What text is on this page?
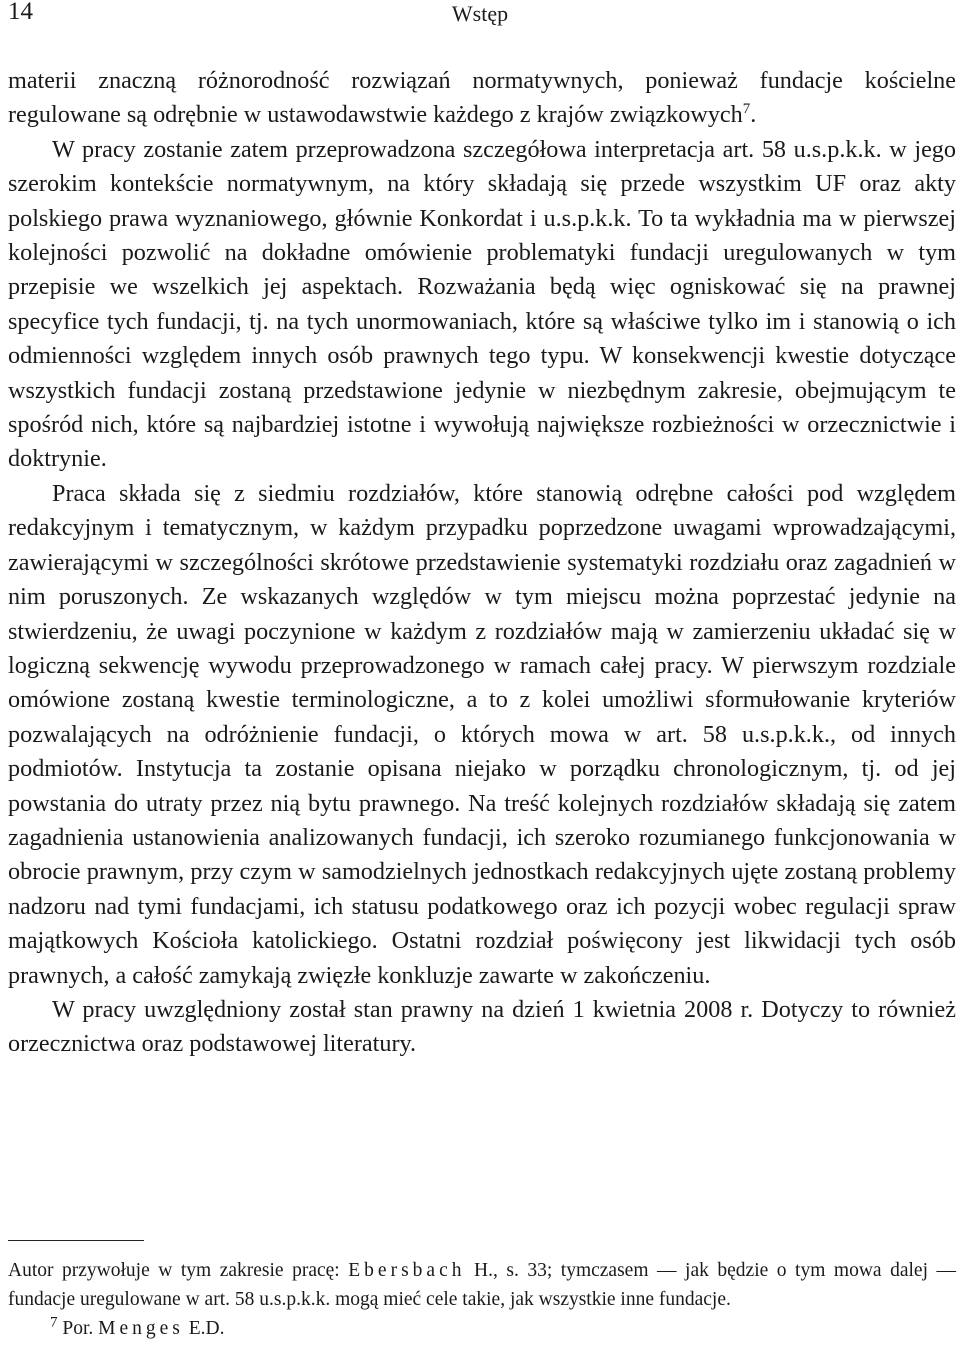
14	Wstęp

materii znaczną różnorodność rozwiązań normatywnych, ponieważ fundacje kościelne regulowane są odrębnie w ustawodawstwie każdego z krajów związkowych$^7$.

W pracy zostanie zatem przeprowadzona szczegółowa interpretacja art. 58 u.s.p.k.k. w jego szerokim kontekście normatywnym, na który składają się przede wszystkim UF oraz akty polskiego prawa wyznaniowego, głównie Konkordat i u.s.p.k.k. To ta wykładnia ma w pierwszej kolejności pozwolić na dokładne omówienie problematyki fundacji uregulowanych w tym przepisie we wszelkich jej aspektach. Rozważania będą więc ogniskować się na prawnej specyfice tych fundacji, tj. na tych unormowaniach, które są właściwe tylko im i stanowią o ich odmienności względem innych osób prawnych tego typu. W konsekwencji kwestie dotyczące wszystkich fundacji zostaną przedstawione jedynie w niezbędnym zakresie, obejmującym te spośród nich, które są najbardziej istotne i wywołują największe rozbieżności w orzecznictwie i doktrynie.

Praca składa się z siedmiu rozdziałów, które stanowią odrębne całości pod względem redakcyjnym i tematycznym, w każdym przypadku poprzedzone uwagami wprowadzającymi, zawierającymi w szczególności skrótowe przedstawienie systematyki rozdziału oraz zagadnień w nim poruszonych. Ze wskazanych względów w tym miejscu można poprzestać jedynie na stwierdzeniu, że uwagi poczynione w każdym z rozdziałów mają w zamierzeniu układać się w logiczną sekwencję wywodu przeprowadzonego w ramach całej pracy. W pierwszym rozdziale omówione zostaną kwestie terminologiczne, a to z kolei umożliwi sformułowanie kryteriów pozwalających na odróżnienie fundacji, o których mowa w art. 58 u.s.p.k.k., od innych podmiotów. Instytucja ta zostanie opisana niejako w porządku chronologicznym, tj. od jej powstania do utraty przez nią bytu prawnego. Na treść kolejnych rozdziałów składają się zatem zagadnienia ustanowienia analizowanych fundacji, ich szeroko rozumianego funkcjonowania w obrocie prawnym, przy czym w samodzielnych jednostkach redakcyjnych ujęte zostaną problemy nadzoru nad tymi fundacjami, ich statusu podatkowego oraz ich pozycji wobec regulacji spraw majątkowych Kościoła katolickiego. Ostatni rozdział poświęcony jest likwidacji tych osób prawnych, a całość zamykają zwięzłe konkluzje zawarte w zakończeniu.

W pracy uwzględniony został stan prawny na dzień 1 kwietnia 2008 r. Dotyczy to również orzecznictwa oraz podstawowej literatury.

Autor przywołuje w tym zakresie pracę: Ebersbach H., s. 33; tymczasem — jak będzie o tym mowa dalej — fundacje uregulowane w art. 58 u.s.p.k.k. mogą mieć cele takie, jak wszystkie inne fundacje.

$^7$ Por. Menges E.D.
